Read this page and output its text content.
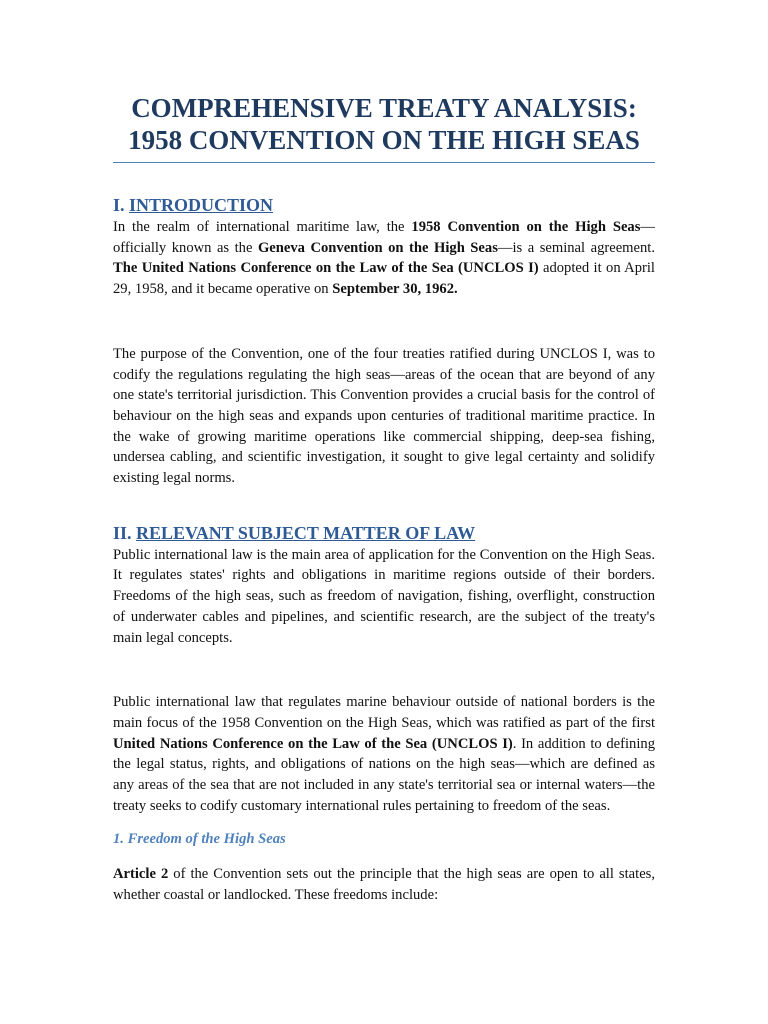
COMPREHENSIVE TREATY ANALYSIS:
1958 CONVENTION ON THE HIGH SEAS
I. INTRODUCTION

In the realm of international maritime law, the 1958 Convention on the High Seas— officially known as the Geneva Convention on the High Seas—is a seminal agreement. The United Nations Conference on the Law of the Sea (UNCLOS I) adopted it on April 29, 1958, and it became operative on September 30, 1962.

The purpose of the Convention, one of the four treaties ratified during UNCLOS I, was to codify the regulations regulating the high seas—areas of the ocean that are beyond of any one state's territorial jurisdiction. This Convention provides a crucial basis for the control of behaviour on the high seas and expands upon centuries of traditional maritime practice. In the wake of growing maritime operations like commercial shipping, deep-sea fishing, undersea cabling, and scientific investigation, it sought to give legal certainty and solidify existing legal norms.

II. RELEVANT SUBJECT MATTER OF LAW

Public international law is the main area of application for the Convention on the High Seas. It regulates states' rights and obligations in maritime regions outside of their borders. Freedoms of the high seas, such as freedom of navigation, fishing, overflight, construction of underwater cables and pipelines, and scientific research, are the subject of the treaty's main legal concepts.

Public international law that regulates marine behaviour outside of national borders is the main focus of the 1958 Convention on the High Seas, which was ratified as part of the first United Nations Conference on the Law of the Sea (UNCLOS I). In addition to defining the legal status, rights, and obligations of nations on the high seas—which are defined as any areas of the sea that are not included in any state's territorial sea or internal waters—the treaty seeks to codify customary international rules pertaining to freedom of the seas.

1. Freedom of the High Seas

Article 2 of the Convention sets out the principle that the high seas are open to all states, whether coastal or landlocked. These freedoms include:
